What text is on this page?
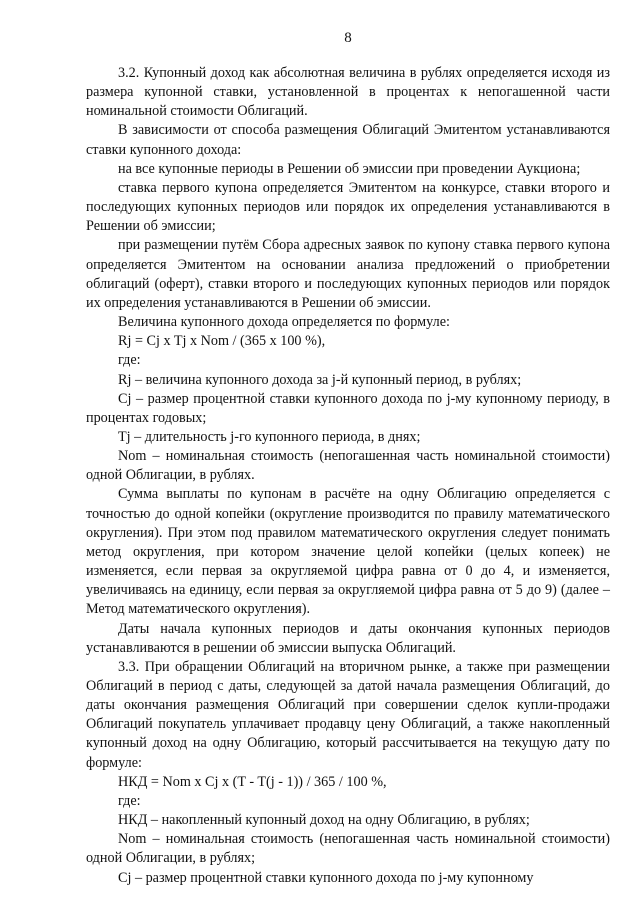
8

3.2. Купонный доход как абсолютная величина в рублях определяется исходя из размера купонной ставки, установленной в процентах к непогашенной части номинальной стоимости Облигаций.

В зависимости от способа размещения Облигаций Эмитентом устанавливаются ставки купонного дохода:

на все купонные периоды в Решении об эмиссии при проведении Аукциона;

ставка первого купона определяется Эмитентом на конкурсе, ставки второго и последующих купонных периодов или порядок их определения устанавливаются в Решении об эмиссии;

при размещении путём Сбора адресных заявок по купону ставка первого купона определяется Эмитентом на основании анализа предложений о приобретении облигаций (оферт), ставки второго и последующих купонных периодов или порядок их определения устанавливаются в Решении об эмиссии.

Величина купонного дохода определяется по формуле:

Rj = Cj x Tj x Nom / (365 x 100 %),

где:

Rj – величина купонного дохода за j-й купонный период, в рублях;

Cj – размер процентной ставки купонного дохода по j-му купонному периоду, в процентах годовых;

Tj – длительность j-го купонного периода, в днях;

Nom – номинальная стоимость (непогашенная часть номинальной стоимости) одной Облигации, в рублях.

Сумма выплаты по купонам в расчёте на одну Облигацию определяется с точностью до одной копейки (округление производится по правилу математического округления). При этом под правилом математического округления следует понимать метод округления, при котором значение целой копейки (целых копеек) не изменяется, если первая за округляемой цифра равна от 0 до 4, и изменяется, увеличиваясь на единицу, если первая за округляемой цифра равна от 5 до 9) (далее – Метод математического округления).

Даты начала купонных периодов и даты окончания купонных периодов устанавливаются в решении об эмиссии выпуска Облигаций.

3.3. При обращении Облигаций на вторичном рынке, а также при размещении Облигаций в период с даты, следующей за датой начала размещения Облигаций, до даты окончания размещения Облигаций при совершении сделок купли-продажи Облигаций покупатель уплачивает продавцу цену Облигаций, а также накопленный купонный доход на одну Облигацию, который рассчитывается на текущую дату по формуле:

НКД = Nom x Cj x (T - T(j - 1)) / 365 / 100 %,

где:

НКД – накопленный купонный доход на одну Облигацию, в рублях;

Nom – номинальная стоимость (непогашенная часть номинальной стоимости) одной Облигации, в рублях;

Cj – размер процентной ставки купонного дохода по j-му купонному
